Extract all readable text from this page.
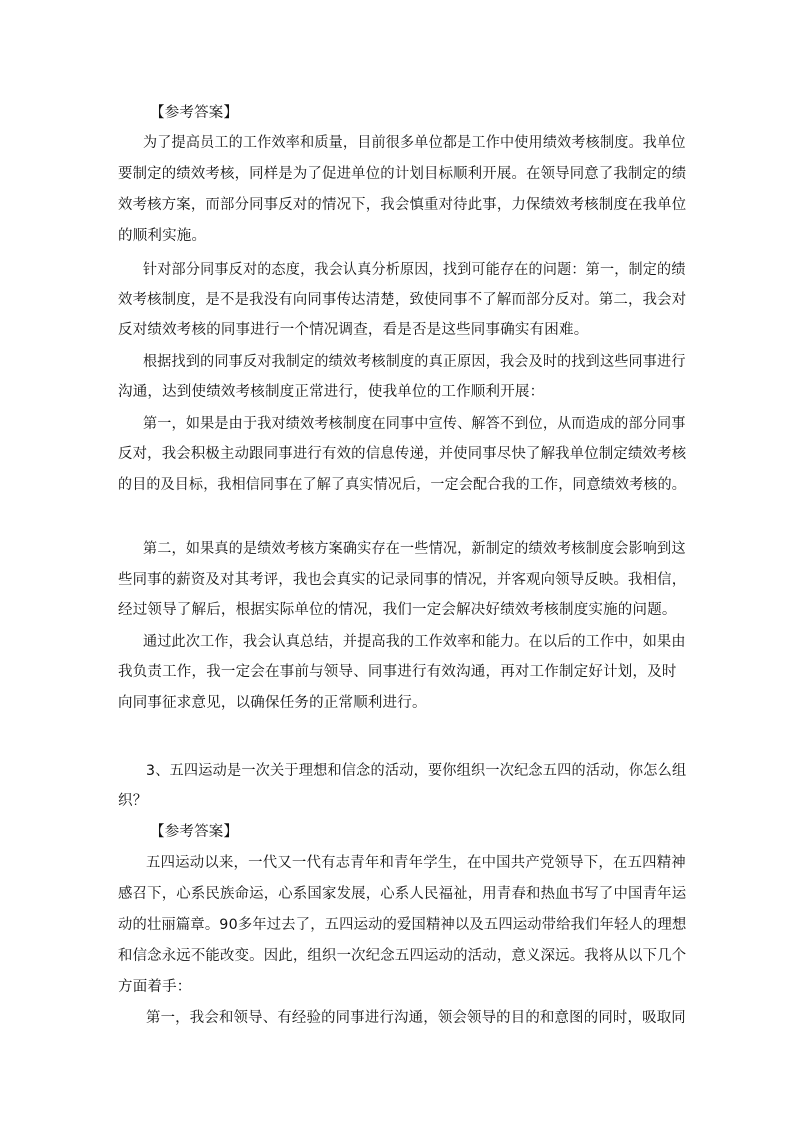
【参考答案】
为了提高员工的工作效率和质量，目前很多单位都是工作中使用绩效考核制度。我单位
要制定的绩效考核，同样是为了促进单位的计划目标顺利开展。在领导同意了我制定的绩
效考核方案，而部分同事反对的情况下，我会慎重对待此事，力保绩效考核制度在我单位
的顺利实施。
针对部分同事反对的态度，我会认真分析原因，找到可能存在的问题：第一，制定的绩
效考核制度，是不是我没有向同事传达清楚，致使同事不了解而部分反对。第二，我会对
反对绩效考核的同事进行一个情况调查，看是否是这些同事确实有困难。
根据找到的同事反对我制定的绩效考核制度的真正原因，我会及时的找到这些同事进行
沟通，达到使绩效考核制度正常进行，使我单位的工作顺利开展：
第一，如果是由于我对绩效考核制度在同事中宣传、解答不到位，从而造成的部分同事
反对，我会积极主动跟同事进行有效的信息传递，并使同事尽快了解我单位制定绩效考核
的目的及目标，我相信同事在了解了真实情况后，一定会配合我的工作，同意绩效考核的。
第二，如果真的是绩效考核方案确实存在一些情况，新制定的绩效考核制度会影响到这
些同事的薪资及对其考评，我也会真实的记录同事的情况，并客观向领导反映。我相信，
经过领导了解后，根据实际单位的情况，我们一定会解决好绩效考核制度实施的问题。
通过此次工作，我会认真总结，并提高我的工作效率和能力。在以后的工作中，如果由
我负责工作，我一定会在事前与领导、同事进行有效沟通，再对工作制定好计划，及时
向同事征求意见，以确保任务的正常顺利进行。
3、五四运动是一次关于理想和信念的活动，要你组织一次纪念五四的活动，你怎么组
织？
【参考答案】
五四运动以来，一代又一代有志青年和青年学生，在中国共产党领导下，在五四精神
感召下，心系民族命运，心系国家发展，心系人民福祉，用青春和热血书写了中国青年运
动的壮丽篇章。90多年过去了，五四运动的爱国精神以及五四运动带给我们年轻人的理想
和信念永远不能改变。因此，组织一次纪念五四运动的活动，意义深远。我将从以下几个
方面着手：
第一，我会和领导、有经验的同事进行沟通，领会领导的目的和意图的同时，吸取同
